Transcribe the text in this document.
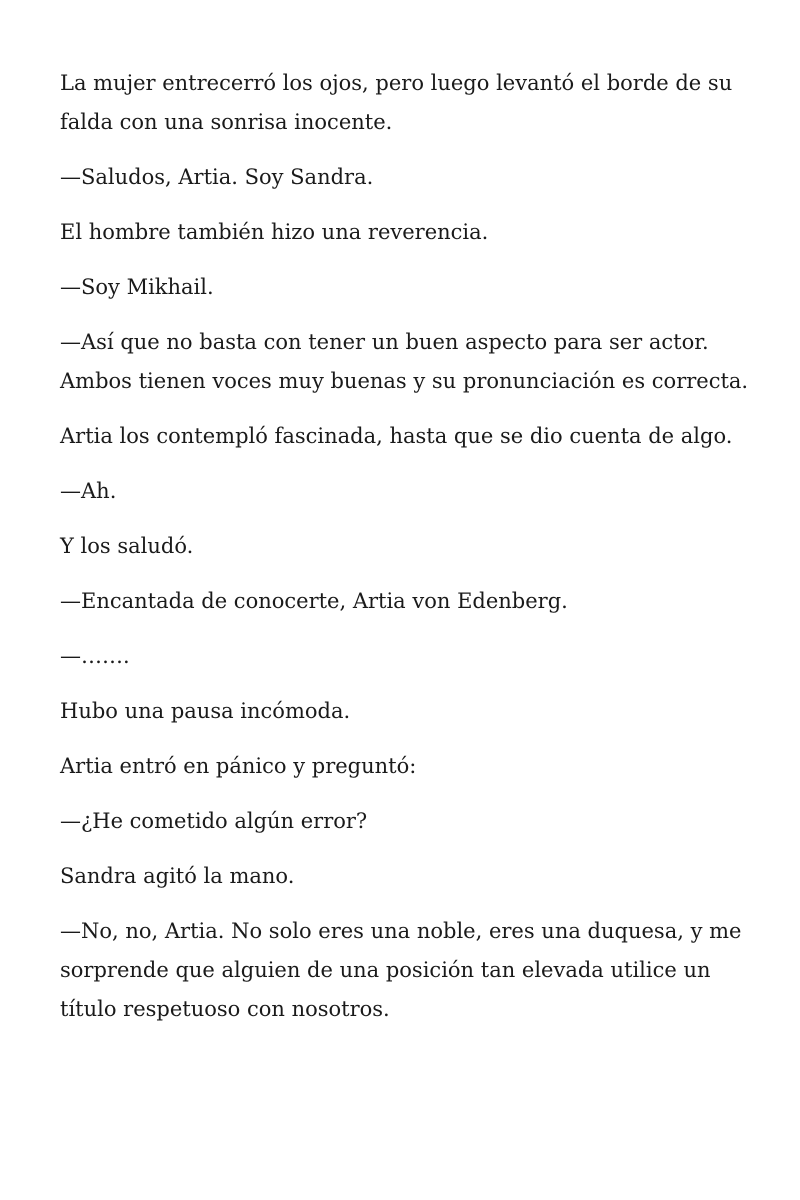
La mujer entrecerró los ojos, pero luego levantó el borde de su falda con una sonrisa inocente.

—Saludos, Artia. Soy Sandra.

El hombre también hizo una reverencia.

—Soy Mikhail.

—Así que no basta con tener un buen aspecto para ser actor. Ambos tienen voces muy buenas y su pronunciación es correcta.

Artia los contempló fascinada, hasta que se dio cuenta de algo.

—Ah.

Y los saludó.

—Encantada de conocerte, Artia von Edenberg.

—…….

Hubo una pausa incómoda.

Artia entró en pánico y preguntó:

—¿He cometido algún error?

Sandra agitó la mano.

—No, no, Artia. No solo eres una noble, eres una duquesa, y me sorprende que alguien de una posición tan elevada utilice un título respetuoso con nosotros.
